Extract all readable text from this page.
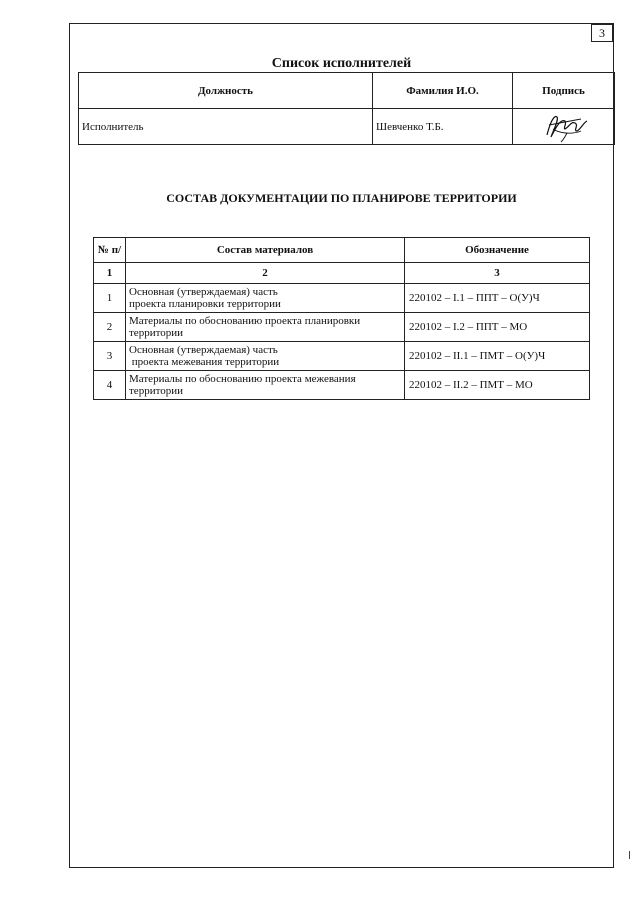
3
Список исполнителей
Должность	Фамилия И.О.	Подпись
Исполнитель	Шевченко Т.Б.	
СОСТАВ ДОКУМЕНТАЦИИ ПО ПЛАНИРОВЕ ТЕРРИТОРИИ
№ п/	Состав материалов	Обозначение
1	2	3
1	Основная (утверждаемая) часть
проекта планировки территории	220102 – I.1 – ППТ – О(У)Ч
2	Материалы по обоснованию проекта планировки
территории	220102 – I.2 – ППТ – МО
3	Основная (утверждаемая) часть
проекта межевания территории	220102 – II.1 – ПМТ – О(У)Ч
4	Материалы по обоснованию проекта межевания
территории	220102 – II.2 – ПМТ – МО
